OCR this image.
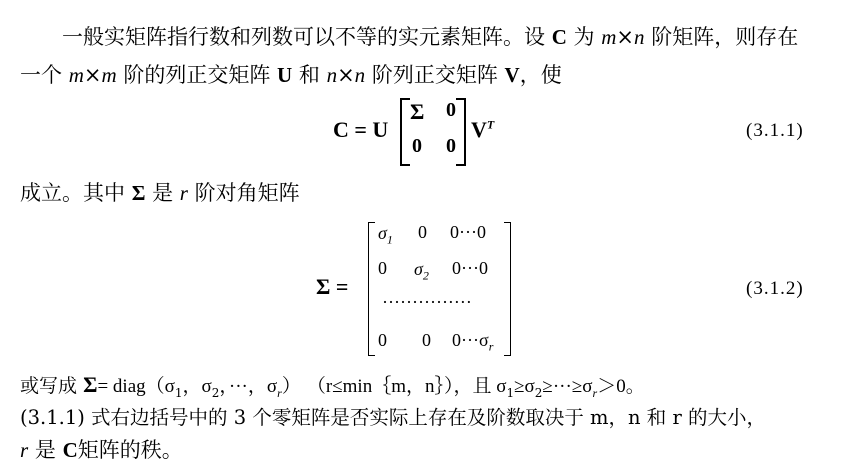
一般实矩阵指行数和列数可以不等的实元素矩阵。设 C 为 m×n 阶矩阵，则存在
一个 m×m 阶的列正交矩阵 U 和 n×n 阶列正交矩阵 V，使
C = U
Σ 0
0 0
$V^T$	(3.1.1)
成立。其中 Σ 是 r 阶对角矩阵
Σ =
$\sigma_1$ 0 0···0
0 $\sigma_2$ 0···0
···············
0 0 $0\cdot\cdot\cdot\sigma_r$
(3.1.2)
或写成 $\Sigma= diag(\sigma_1$，$\sigma_2$，···，$\sigma_r$） （r≤min｛m，n｝），且 $\sigma_1\ge\sigma_2\ge\cdot\cdot\cdot\ge\sigma_r>0$。
(3.1.1) 式右边括号中的 3 个零矩阵是否实际上存在及阶数取决于 m，n 和 r 的大小，
r 是 C矩阵的秩。
